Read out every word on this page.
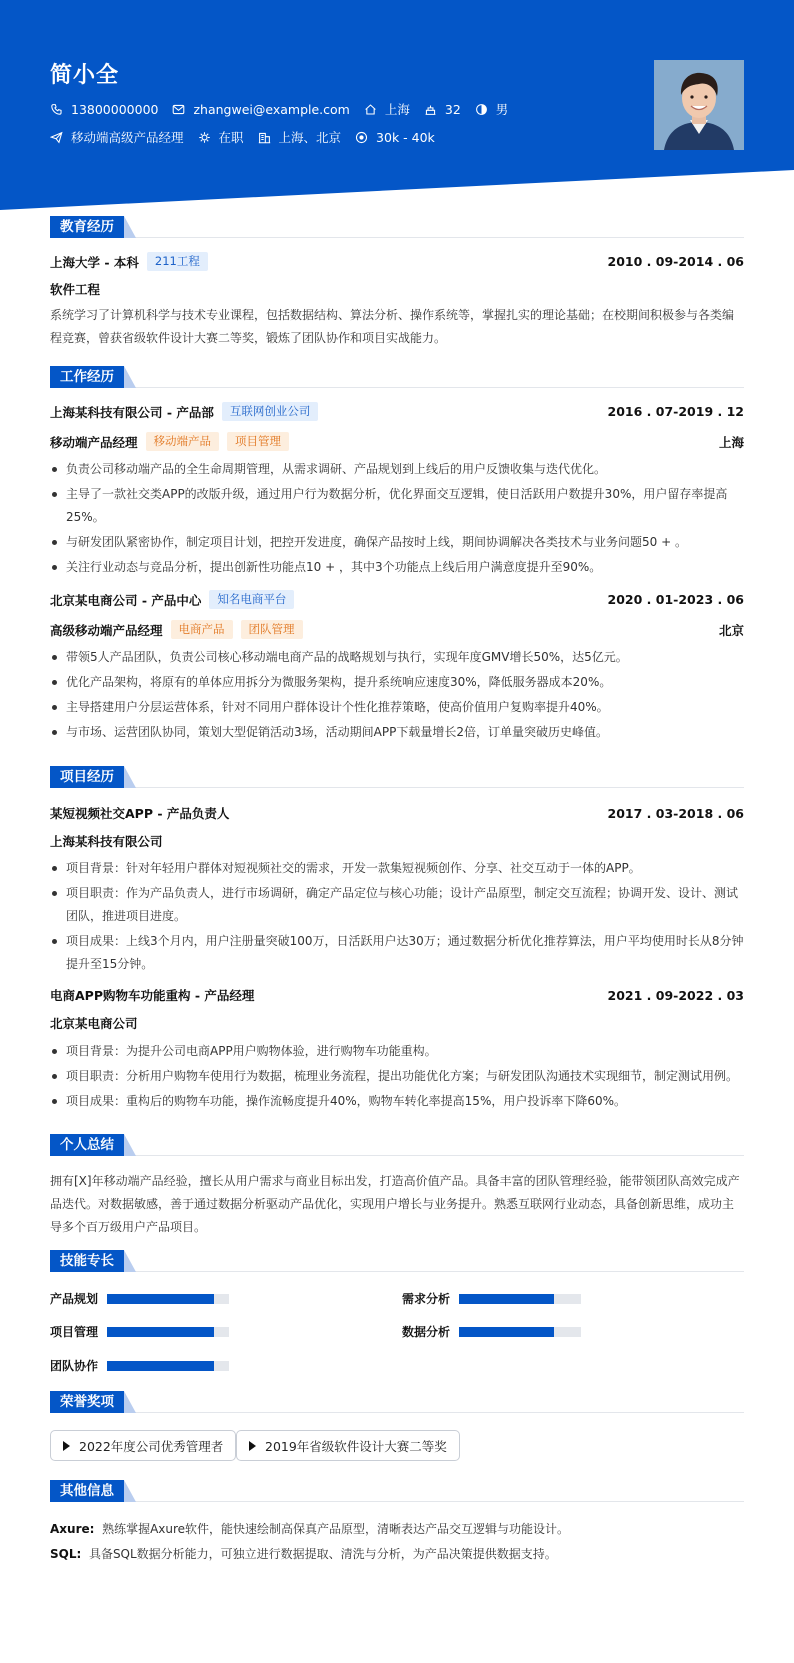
简小全
13800000000	zhangwei@example.com	上海	32	男
移动端高级产品经理	在职	上海、北京	30k - 40k
教育经历
上海大学 - 本科	211工程	2010 . 09-2014 . 06
软件工程
系统学习了计算机科学与技术专业课程，包括数据结构、算法分析、操作系统等，掌握扎实的理论基础；在校期间积极参与各类编程竞赛，曾获省级软件设计大赛二等奖，锻炼了团队协作和项目实战能力。
工作经历
上海某科技有限公司 - 产品部	互联网创业公司	2016 . 07-2019 . 12
移动端产品经理	移动端产品	项目管理	上海
负责公司移动端产品的全生命周期管理，从需求调研、产品规划到上线后的用户反馈收集与迭代优化。
主导了一款社交类APP的改版升级，通过用户行为数据分析，优化界面交互逻辑，使日活跃用户数提升30%，用户留存率提高25%。
与研发团队紧密协作，制定项目计划，把控开发进度，确保产品按时上线，期间协调解决各类技术与业务问题50 + 。
关注行业动态与竞品分析，提出创新性功能点10 + ，其中3个功能点上线后用户满意度提升至90%。
北京某电商公司 - 产品中心	知名电商平台	2020 . 01-2023 . 06
高级移动端产品经理	电商产品	团队管理	北京
带领5人产品团队，负责公司核心移动端电商产品的战略规划与执行，实现年度GMV增长50%，达5亿元。
优化产品架构，将原有的单体应用拆分为微服务架构，提升系统响应速度30%，降低服务器成本20%。
主导搭建用户分层运营体系，针对不同用户群体设计个性化推荐策略，使高价值用户复购率提升40%。
与市场、运营团队协同，策划大型促销活动3场，活动期间APP下载量增长2倍，订单量突破历史峰值。
项目经历
某短视频社交APP - 产品负责人	2017 . 03-2018 . 06
上海某科技有限公司
项目背景：针对年轻用户群体对短视频社交的需求，开发一款集短视频创作、分享、社交互动于一体的APP。
项目职责：作为产品负责人，进行市场调研，确定产品定位与核心功能；设计产品原型，制定交互流程；协调开发、设计、测试团队，推进项目进度。
项目成果：上线3个月内，用户注册量突破100万，日活跃用户达30万；通过数据分析优化推荐算法，用户平均使用时长从8分钟提升至15分钟。
电商APP购物车功能重构 - 产品经理	2021 . 09-2022 . 03
北京某电商公司
项目背景：为提升公司电商APP用户购物体验，进行购物车功能重构。
项目职责：分析用户购物车使用行为数据，梳理业务流程，提出功能优化方案；与研发团队沟通技术实现细节，制定测试用例。
项目成果：重构后的购物车功能，操作流畅度提升40%，购物车转化率提高15%，用户投诉率下降60%。
个人总结
拥有[X]年移动端产品经验，擅长从用户需求与商业目标出发，打造高价值产品。具备丰富的团队管理经验，能带领团队高效完成产品迭代。对数据敏感，善于通过数据分析驱动产品优化，实现用户增长与业务提升。熟悉互联网行业动态，具备创新思维，成功主导多个百万级用户产品项目。
技能专长
产品规划	需求分析
项目管理	数据分析
团队协作
荣誉奖项
2022年度公司优秀管理者	2019年省级软件设计大赛二等奖
其他信息
Axure: 熟练掌握Axure软件，能快速绘制高保真产品原型，清晰表达产品交互逻辑与功能设计。
SQL: 具备SQL数据分析能力，可独立进行数据提取、清洗与分析，为产品决策提供数据支持。
